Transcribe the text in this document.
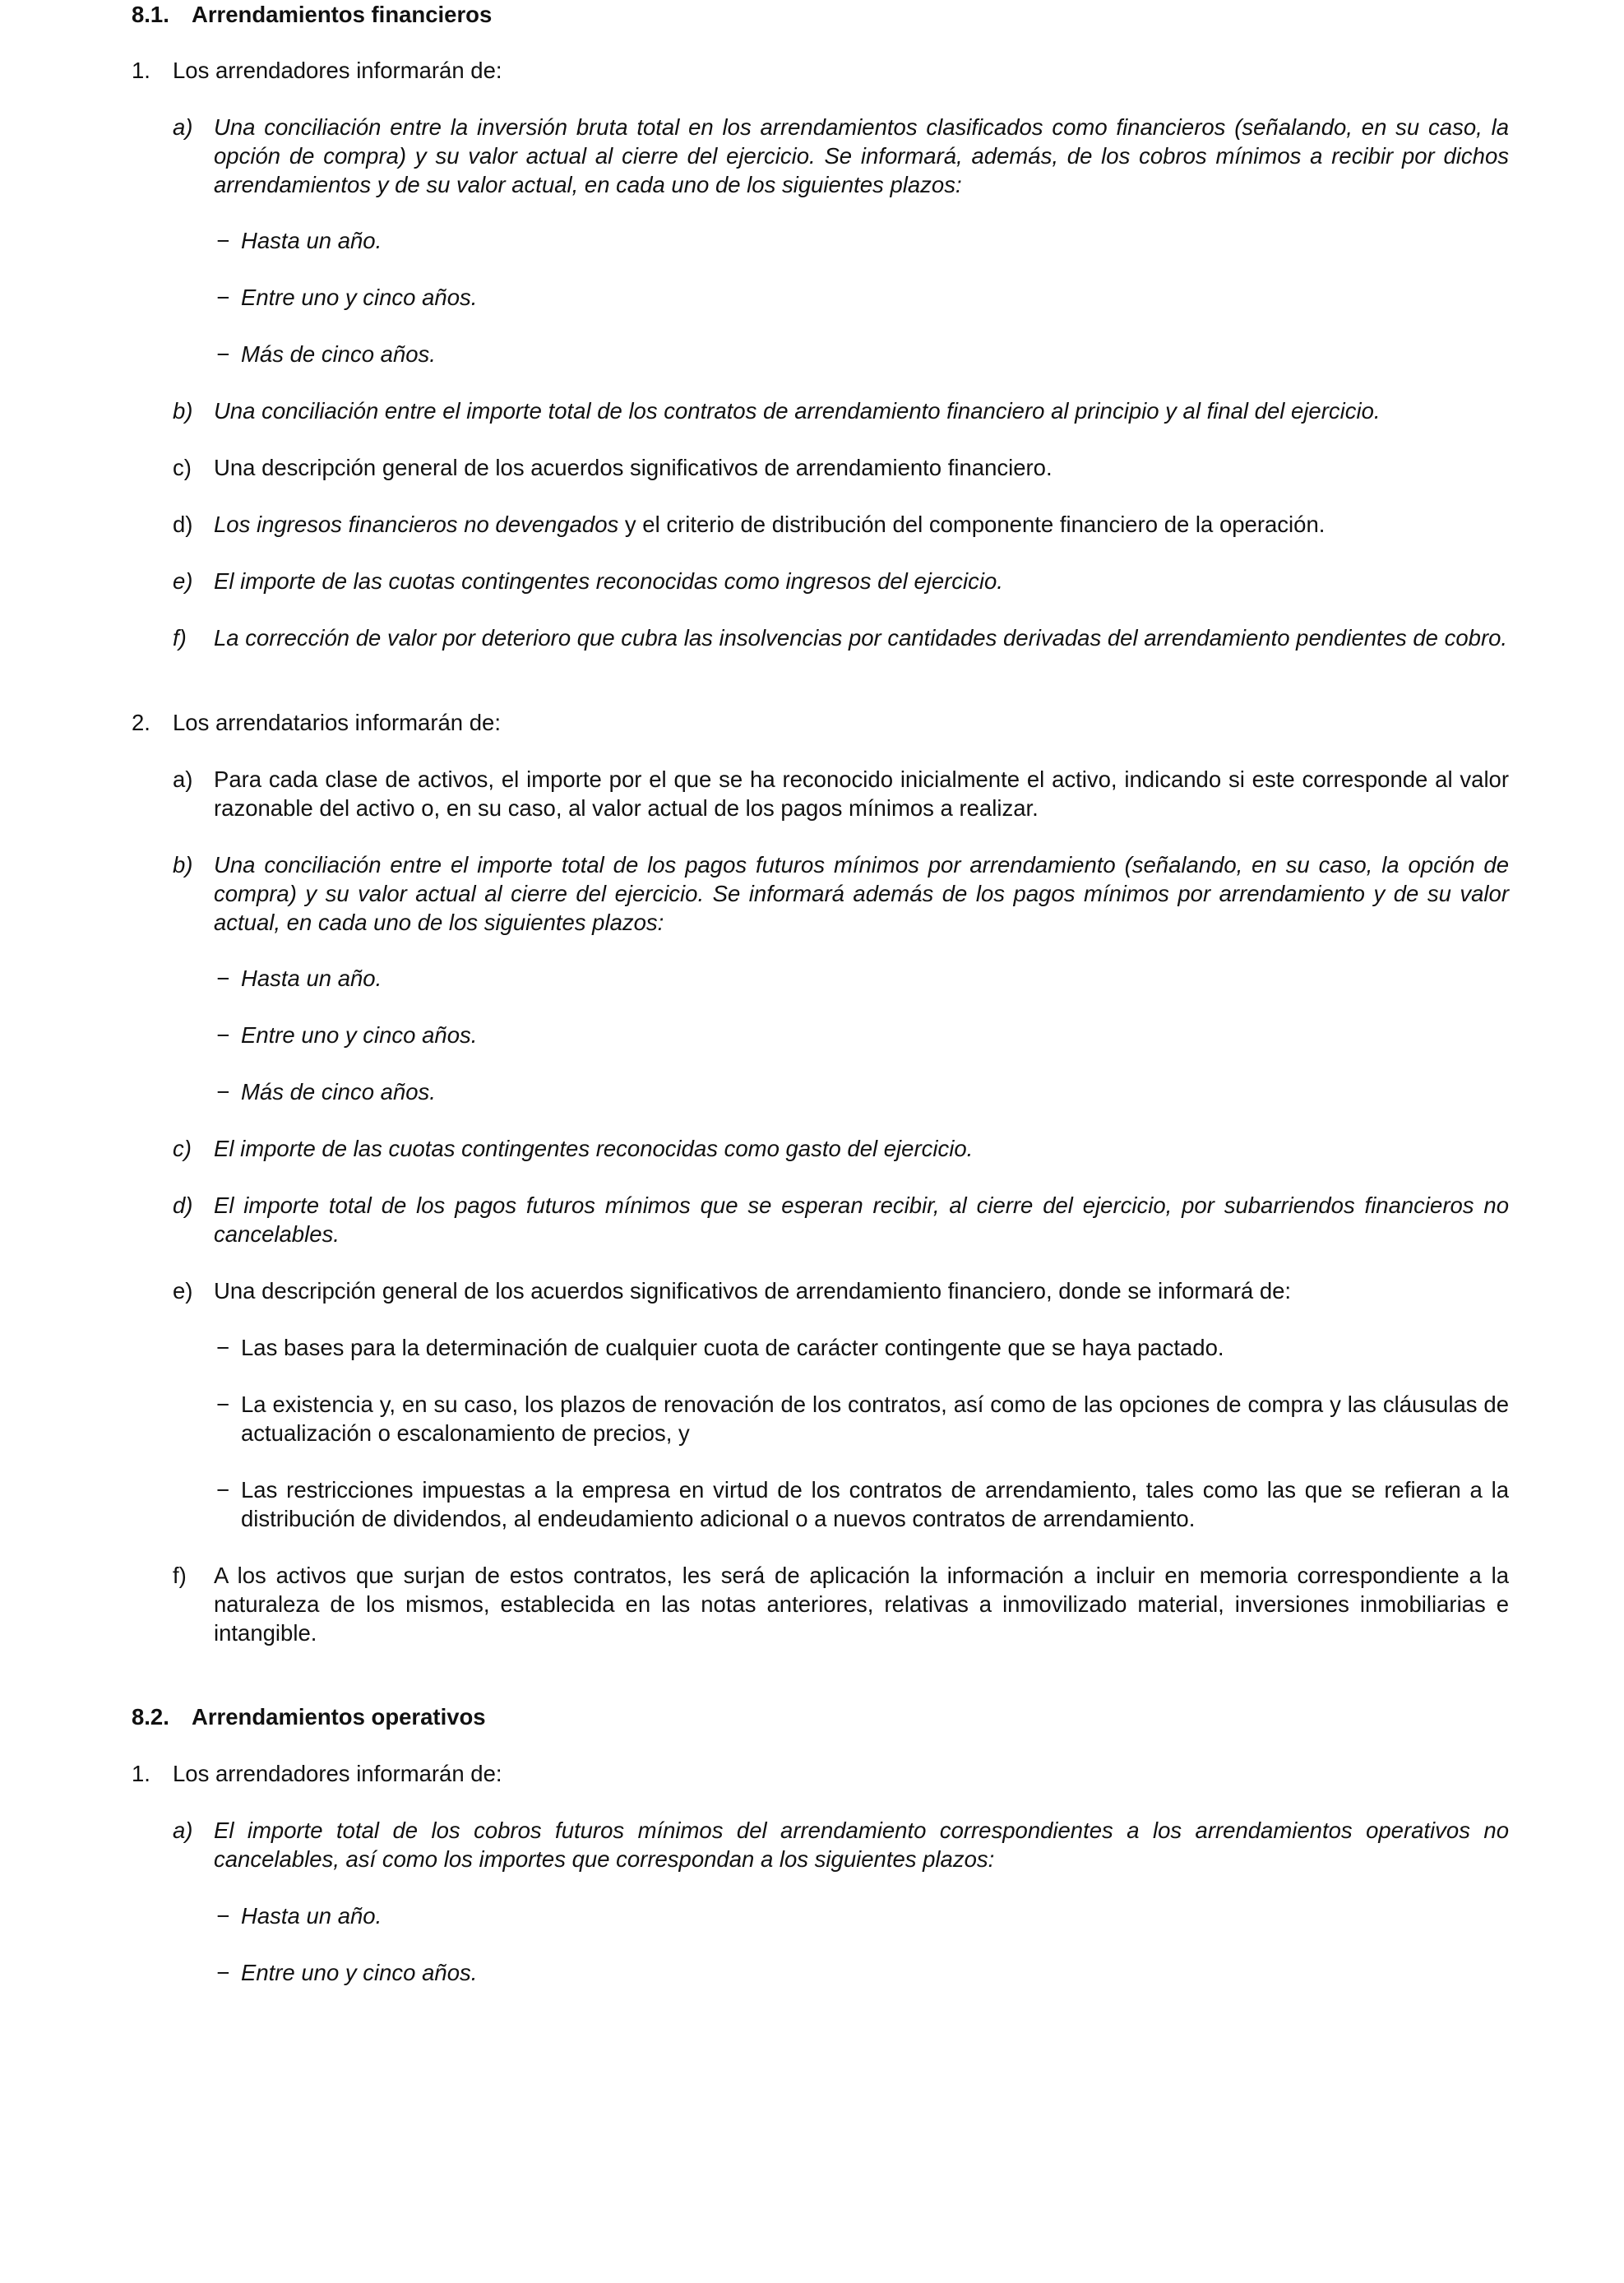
8.1. Arrendamientos financieros
1. Los arrendadores informarán de:
a) Una conciliación entre la inversión bruta total en los arrendamientos clasificados como financieros (señalando, en su caso, la opción de compra) y su valor actual al cierre del ejercicio. Se informará, además, de los cobros mínimos a recibir por dichos arrendamientos y de su valor actual, en cada uno de los siguientes plazos:
− Hasta un año.
− Entre uno y cinco años.
− Más de cinco años.
b) Una conciliación entre el importe total de los contratos de arrendamiento financiero al principio y al final del ejercicio.
c) Una descripción general de los acuerdos significativos de arrendamiento financiero.
d) Los ingresos financieros no devengados y el criterio de distribución del componente financiero de la operación.
e) El importe de las cuotas contingentes reconocidas como ingresos del ejercicio.
f)	La corrección de valor por deterioro que cubra las insolvencias por cantidades derivadas del arrendamiento pendientes de cobro.
2. Los arrendatarios informarán de:
a) Para cada clase de activos, el importe por el que se ha reconocido inicialmente el activo, indicando si este corresponde al valor razonable del activo o, en su caso, al valor actual de los pagos mínimos a realizar.
b) Una conciliación entre el importe total de los pagos futuros mínimos por arrendamiento (señalando, en su caso, la opción de compra) y su valor actual al cierre del ejercicio. Se informará además de los pagos mínimos por arrendamiento y de su valor actual, en cada uno de los siguientes plazos:
− Hasta un año.
− Entre uno y cinco años.
− Más de cinco años.
c) El importe de las cuotas contingentes reconocidas como gasto del ejercicio.
d) El importe total de los pagos futuros mínimos que se esperan recibir, al cierre del ejercicio, por subarriendos financieros no cancelables.
e) Una descripción general de los acuerdos significativos de arrendamiento financiero, donde se informará de:
− Las bases para la determinación de cualquier cuota de carácter contingente que se haya pactado.
− La existencia y, en su caso, los plazos de renovación de los contratos, así como de las opciones de compra y las cláusulas de actualización o escalonamiento de precios, y
− Las restricciones impuestas a la empresa en virtud de los contratos de arrendamiento, tales como las que se refieran a la distribución de dividendos, al endeudamiento adicional o a nuevos contratos de arrendamiento.
f)	A los activos que surjan de estos contratos, les será de aplicación la información a incluir en memoria correspondiente a la naturaleza de los mismos, establecida en las notas anteriores, relativas a inmovilizado material, inversiones inmobiliarias e intangible.
8.2. Arrendamientos operativos
1. Los arrendadores informarán de:
a) El importe total de los cobros futuros mínimos del arrendamiento correspondientes a los arrendamientos operativos no cancelables, así como los importes que correspondan a los siguientes plazos:
− Hasta un año.
− Entre uno y cinco años.
